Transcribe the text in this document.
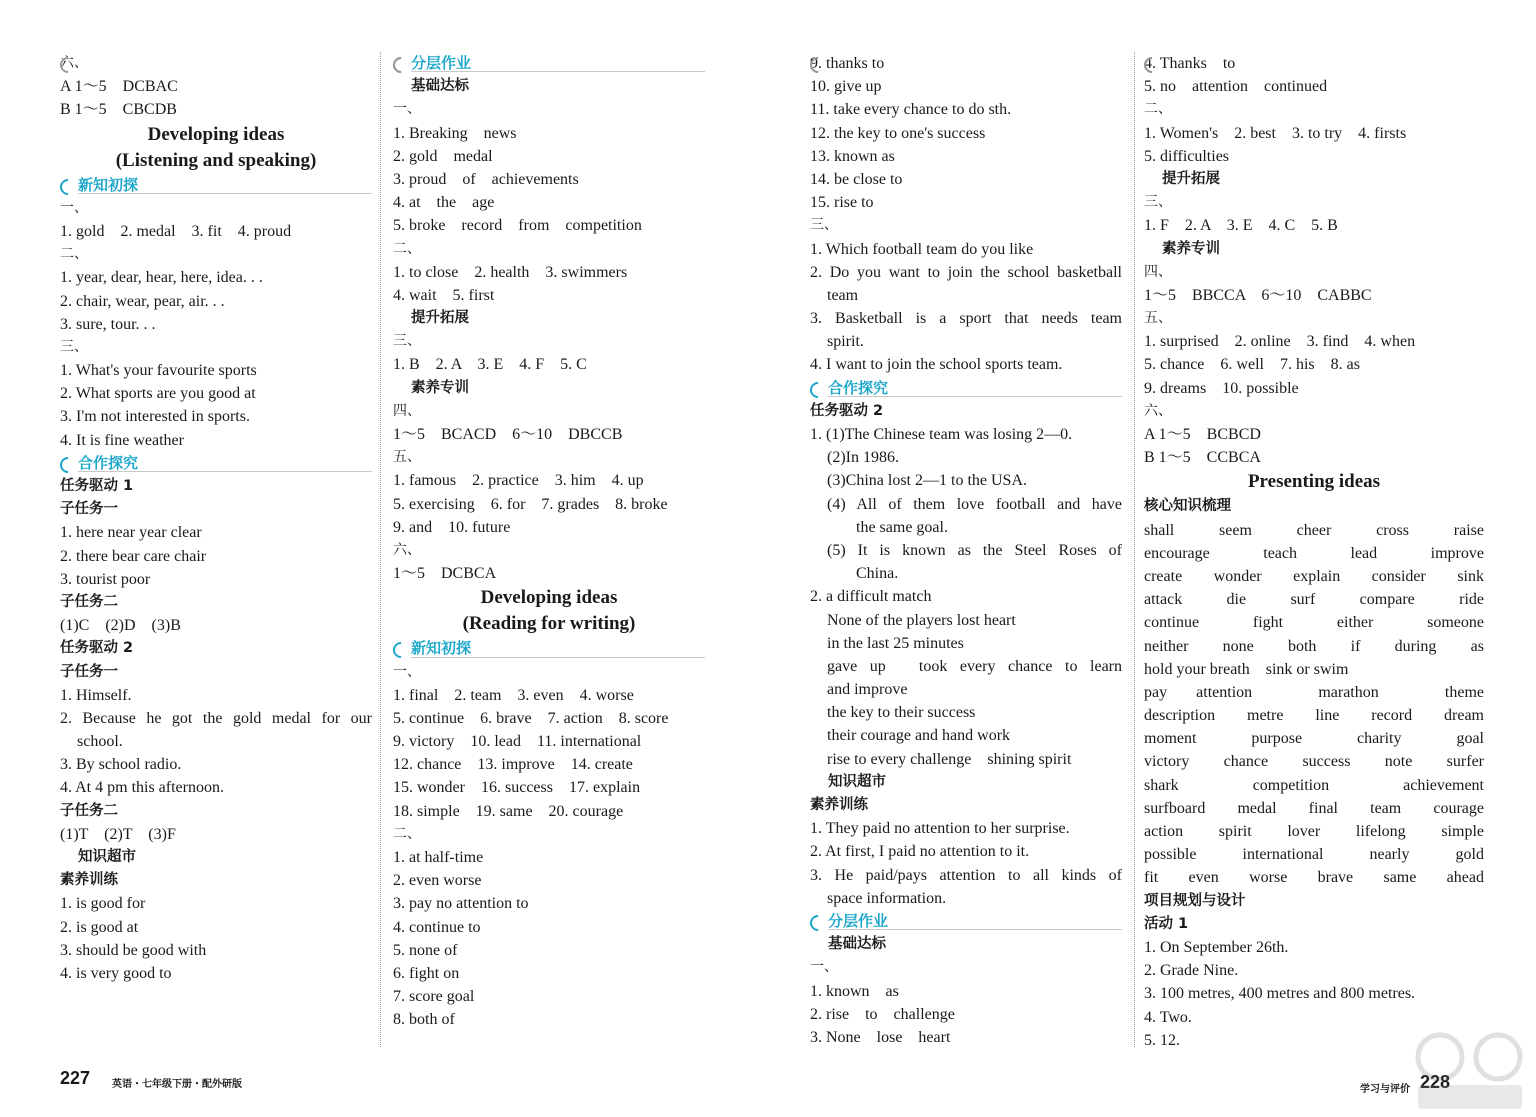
六、
A 1～5　DCBAC
B 1～5　CBCDB
Developing ideas
(Listening and speaking)
新知初探
一、
1. gold　2. medal　3. fit　4. proud
二、
1. year, dear, hear, here, idea. . .
2. chair, wear, pear, air. . .
3. sure, tour. . .
三、
1. What's your favourite sports
2. What sports are you good at
3. I'm not interested in sports.
4. It is fine weather
合作探究
任务驱动 1
子任务一
1. here near year clear
2. there bear care chair
3. tourist poor
子任务二
(1)C　(2)D　(3)B
任务驱动 2
子任务一
1. Himself.
2. Because he got the gold medal for our
school.
3. By school radio.
4. At 4 pm this afternoon.
子任务二
(1)T　(2)T　(3)F
知识超市
素养训练
1. is good for
2. is good at
3. should be good with
4. is very good to
分层作业
基础达标
一、
1. Breaking　news
2. gold　medal
3. proud　of　achievements
4. at　the　age
5. broke　record　from　competition
二、
1. to close　2. health　3. swimmers
4. wait　5. first
提升拓展
三、
1. B　2. A　3. E　4. F　5. C
素养专训
四、
1～5　BCACD　6～10　DBCCB
五、
1. famous　2. practice　3. him　4. up
5. exercising　6. for　7. grades　8. broke
9. and　10. future
六、
1～5　DCBCA
Developing ideas
(Reading for writing)
新知初探
一、
1. final　2. team　3. even　4. worse
5. continue　6. brave　7. action　8. score
9. victory　10. lead　11. international
12. chance　13. improve　14. create
15. wonder　16. success　17. explain
18. simple　19. same　20. courage
二、
1. at half-time
2. even worse
3. pay no attention to
4. continue to
5. none of
6. fight on
7. score goal
8. both of
9. thanks to
10. give up
11. take every chance to do sth.
12. the key to one's success
13. known as
14. be close to
15. rise to
三、
1. Which football team do you like
2. Do you want to join the school basketball
team
3. Basketball is a sport that needs team
spirit.
4. I want to join the school sports team.
合作探究
任务驱动 2
1. (1)The Chinese team was losing 2—0.
(2)In 1986.
(3)China lost 2—1 to the USA.
(4) All of them love football and have
the same goal.
(5) It is known as the Steel Roses of
China.
2. a difficult match
None of the players lost heart
in the last 25 minutes
gave up　took every chance to learn
and improve
the key to their success
their courage and hand work
rise to every challenge　shining spirit
知识超市
素养训练
1. They paid no attention to her surprise.
2. At first, I paid no attention to it.
3. He paid/pays attention to all kinds of
space information.
分层作业
基础达标
一、
1. known　as
2. rise　to　challenge
3. None　lose　heart
4. Thanks　to
5. no　attention　continued
二、
1. Women's　2. best　3. to try　4. firsts
5. difficulties
提升拓展
三、
1. F　2. A　3. E　4. C　5. B
素养专训
四、
1～5　BBCCA　6～10　CABBC
五、
1. surprised　2. online　3. find　4. when
5. chance　6. well　7. his　8. as
9. dreams　10. possible
六、
A 1～5　BCBCD
B 1～5　CCBCA
Presenting ideas
核心知识梳理
shall　seem　cheer　cross　raise
encourage　teach　lead　improve
create　wonder　explain　consider　sink
attack　die　surf　compare　ride
continue　fight　either　someone
neither　none　both　if　during　as
hold your breath　sink or swim
pay attention　marathon　theme
description　metre　line　record　dream
moment　purpose　charity　goal
victory　chance　success　note　surfer
shark　competition　achievement
surfboard　medal　final　team　courage
action　spirit　lover　lifelong　simple
possible　international　nearly　gold
fit　even　worse　brave　same　ahead
项目规划与设计
活动 1
1. On September 26th.
2. Grade Nine.
3. 100 metres, 400 metres and 800 metres.
4. Two.
5. 12.
227 英语・七年级下册・配外研版	学习与评价 228
